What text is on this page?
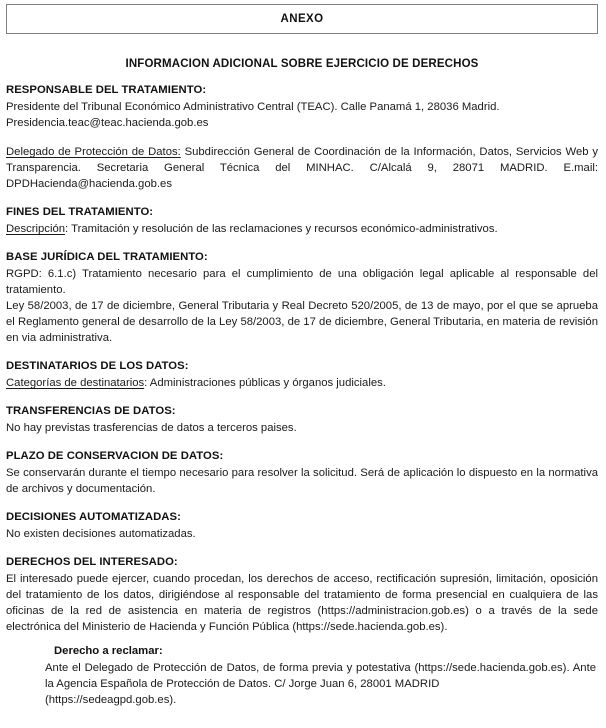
ANEXO
INFORMACION ADICIONAL SOBRE EJERCICIO DE DERECHOS
RESPONSABLE DEL TRATAMIENTO:

Presidente del Tribunal Económico Administrativo Central (TEAC). Calle Panamá 1, 28036 Madrid. Presidencia.teac@teac.hacienda.gob.es

Delegado de Protección de Datos: Subdirección General de Coordinación de la Información, Datos, Servicios Web y Transparencia. Secretaria General Técnica del MINHAC. C/Alcalá 9, 28071 MADRID. E.mail: DPDHacienda@hacienda.gob.es

FINES DEL TRATAMIENTO:

Descripción: Tramitación y resolución de las reclamaciones y recursos económico-administrativos.

BASE JURÍDICA DEL TRATAMIENTO:

RGPD: 6.1.c) Tratamiento necesario para el cumplimiento de una obligación legal aplicable al responsable del tratamiento.

Ley 58/2003, de 17 de diciembre, General Tributaria y Real Decreto 520/2005, de 13 de mayo, por el que se aprueba el Reglamento general de desarrollo de la Ley 58/2003, de 17 de diciembre, General Tributaria, en materia de revisión en via administrativa.

DESTINATARIOS DE LOS DATOS:

Categorías de destinatarios: Administraciones públicas y órganos judiciales.

TRANSFERENCIAS DE DATOS:

No hay previstas trasferencias de datos a terceros paises.

PLAZO DE CONSERVACION DE DATOS:

Se conservarán durante el tiempo necesario para resolver la solicitud. Será de aplicación lo dispuesto en la normativa de archivos y documentación.

DECISIONES AUTOMATIZADAS:

No existen decisiones automatizadas.

DERECHOS DEL INTERESADO:

El interesado puede ejercer, cuando procedan, los derechos de acceso, rectificación supresión, limitación, oposición del tratamiento de los datos, dirigiéndose al responsable del tratamiento de forma presencial en cualquiera de las oficinas de la red de asistencia en materia de registros (https://administracion.gob.es) o a través de la sede electrónica del Ministerio de Hacienda y Función Pública (https://sede.hacienda.gob.es).

Derecho a reclamar:

Ante el Delegado de Protección de Datos, de forma previa y potestativa (https://sede.hacienda.gob.es). Ante la Agencia Española de Protección de Datos. C/ Jorge Juan 6, 28001 MADRID
(https://sedeagpd.gob.es).
